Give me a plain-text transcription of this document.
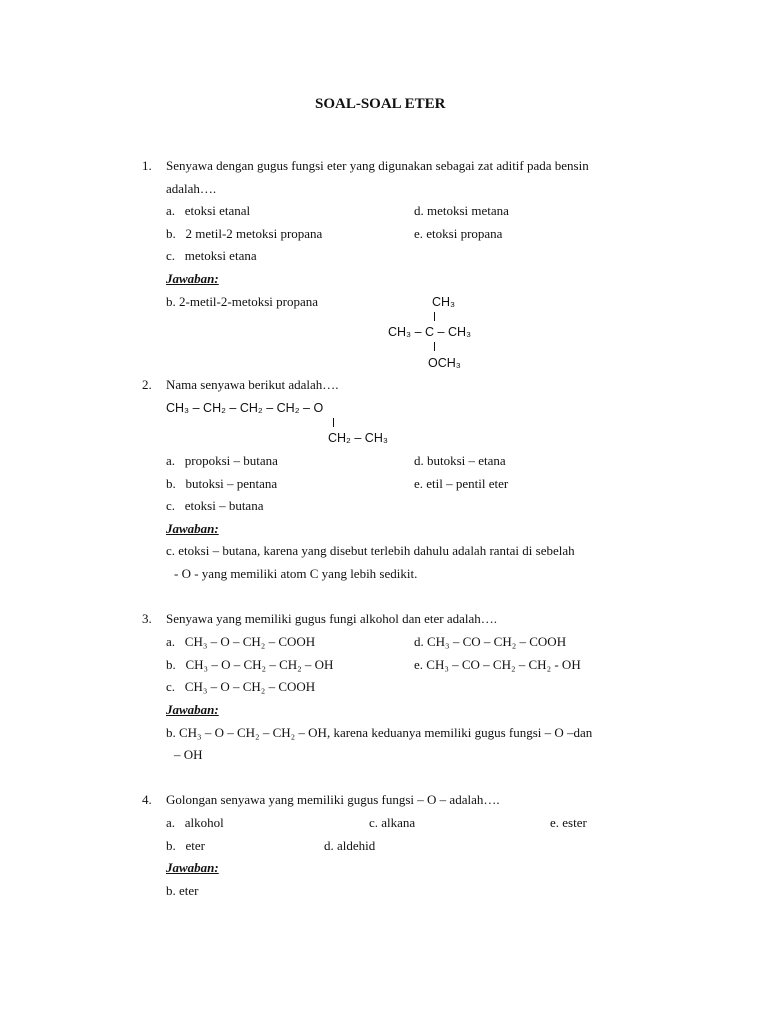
SOAL-SOAL ETER
1. Senyawa dengan gugus fungsi eter yang digunakan sebagai zat aditif pada bensin
adalah….
a.   etoksi etanal	d. metoksi metana
b.   2 metil-2 metoksi propana	e. etoksi propana
c.   metoksi etana
Jawaban:
b. 2-metil-2-metoksi propana	CH₃
CH₃ – C – CH₃
OCH₃
2. Nama senyawa berikut adalah….
CH₃ – CH₂ – CH₂ – CH₂ – O
CH₂ – CH₃
a.   propoksi – butana	d. butoksi – etana
b.   butoksi – pentana	e. etil – pentil eter
c.   etoksi – butana
Jawaban:
c. etoksi – butana, karena yang disebut terlebih dahulu adalah rantai di sebelah
- O - yang memiliki atom C yang lebih sedikit.
3. Senyawa yang memiliki gugus fungi alkohol dan eter adalah….
a.   CH₃ – O – CH₂ – COOH	d. CH₃ – CO – CH₂ – COOH
b.   CH₃ – O – CH₂ – CH₂ – OH	e. CH₃ – CO – CH₂ – CH₂ - OH
c.   CH₃ – O – CH₂ – COOH
Jawaban:
b. CH₃ – O – CH₂ – CH₂ – OH, karena keduanya memiliki gugus fungsi – O –dan
– OH
4. Golongan senyawa yang memiliki gugus fungsi – O – adalah….
a.   alkohol	c. alkana	e. ester
b.   eter	d. aldehid
Jawaban:
b. eter
